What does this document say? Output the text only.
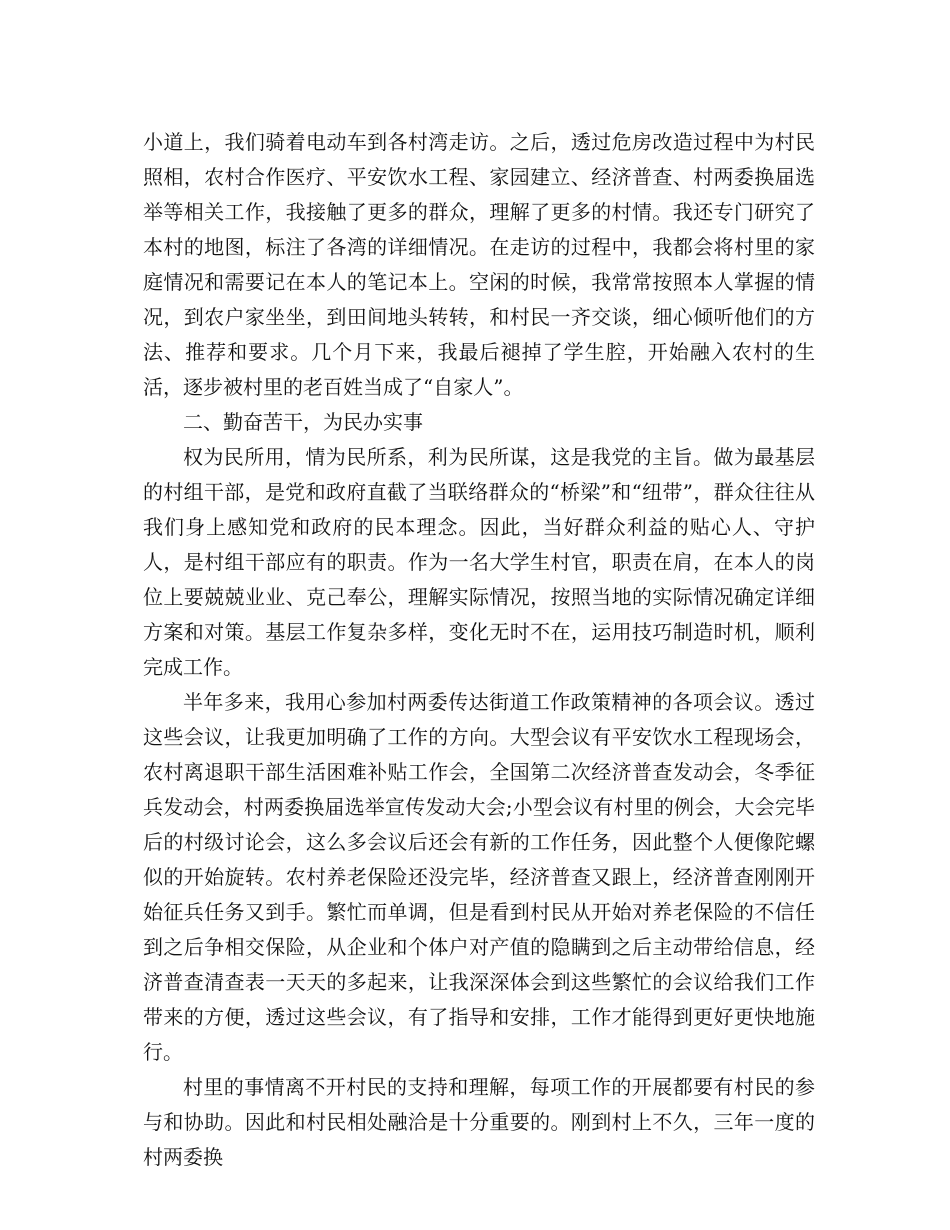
小道上，我们骑着电动车到各村湾走访。之后，透过危房改造过程中为村民照相，农村合作医疗、平安饮水工程、家园建立、经济普查、村两委换届选举等相关工作，我接触了更多的群众，理解了更多的村情。我还专门研究了本村的地图，标注了各湾的详细情况。在走访的过程中，我都会将村里的家庭情况和需要记在本人的笔记本上。空闲的时候，我常常按照本人掌握的情况，到农户家坐坐，到田间地头转转，和村民一齐交谈，细心倾听他们的方法、推荐和要求。几个月下来，我最后褪掉了学生腔，开始融入农村的生活，逐步被村里的老百姓当成了“自家人”。

二、勤奋苦干，为民办实事

权为民所用，情为民所系，利为民所谋，这是我党的主旨。做为最基层的村组干部，是党和政府直截了当联络群众的“桥梁”和“纽带”，群众往往从我们身上感知党和政府的民本理念。因此，当好群众利益的贴心人、守护人，是村组干部应有的职责。作为一名大学生村官，职责在肩，在本人的岗位上要兢兢业业、克己奉公，理解实际情况，按照当地的实际情况确定详细方案和对策。基层工作复杂多样，变化无时不在，运用技巧制造时机，顺利完成工作。

半年多来，我用心参加村两委传达街道工作政策精神的各项会议。透过这些会议，让我更加明确了工作的方向。大型会议有平安饮水工程现场会，农村离退职干部生活困难补贴工作会，全国第二次经济普查发动会，冬季征兵发动会，村两委换届选举宣传发动大会;小型会议有村里的例会，大会完毕后的村级讨论会，这么多会议后还会有新的工作任务，因此整个人便像陀螺似的开始旋转。农村养老保险还没完毕，经济普查又跟上，经济普查刚刚开始征兵任务又到手。繁忙而单调，但是看到村民从开始对养老保险的不信任到之后争相交保险，从企业和个体户对产值的隐瞒到之后主动带给信息，经济普查清查表一天天的多起来，让我深深体会到这些繁忙的会议给我们工作带来的方便，透过这些会议，有了指导和安排，工作才能得到更好更快地施行。

村里的事情离不开村民的支持和理解，每项工作的开展都要有村民的参与和协助。因此和村民相处融洽是十分重要的。刚到村上不久，三年一度的村两委换
